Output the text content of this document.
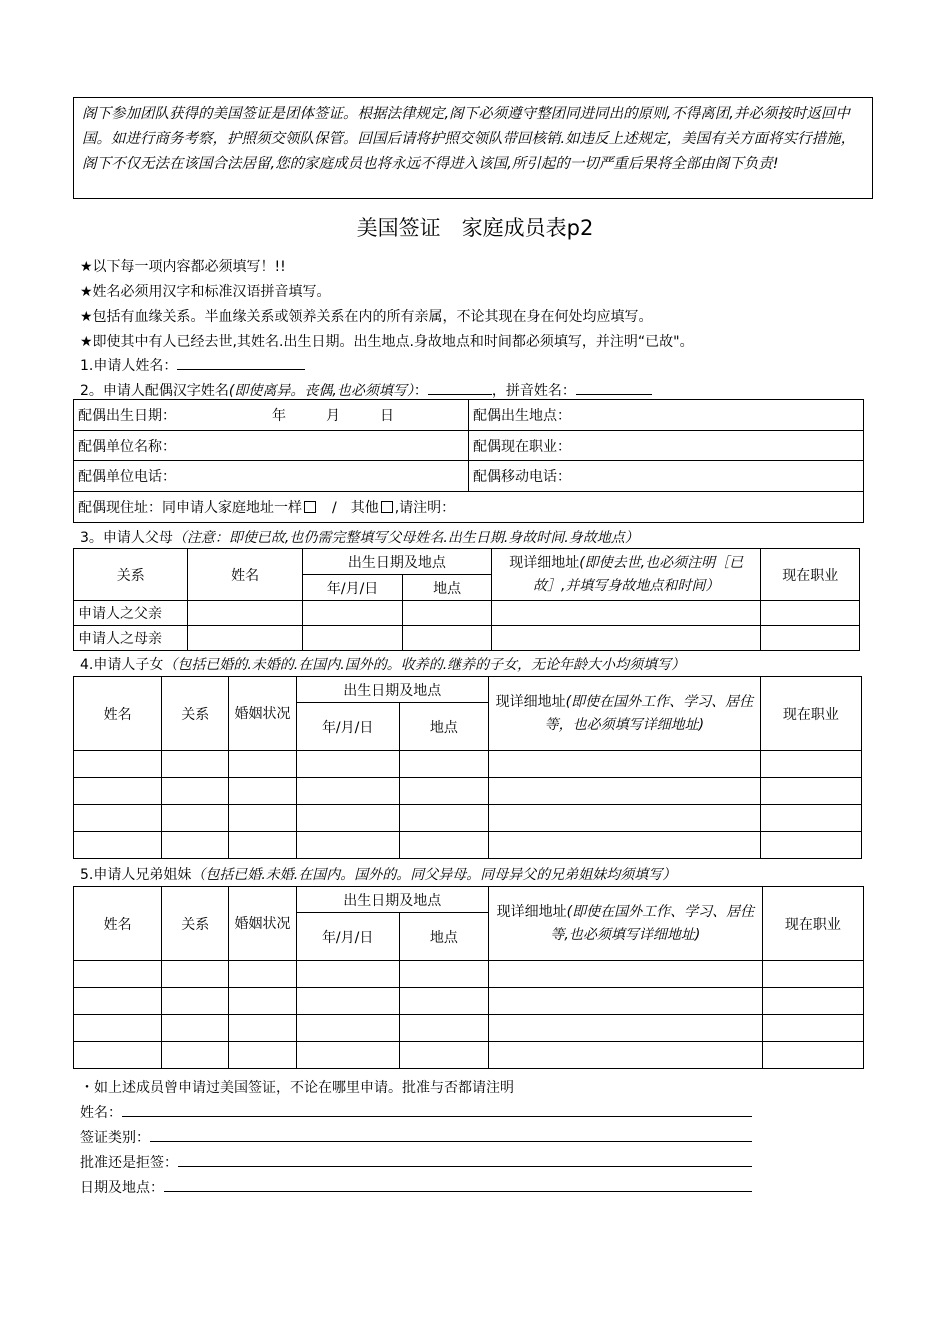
阁下参加团队获得的美国签证是团体签证。根据法律规定,阁下必须遵守整团同进同出的原则,不得离团,并必须按时返回中国。如进行商务考察，护照须交领队保管。回国后请将护照交领队带回核销.如违反上述规定，美国有关方面将实行措施，阁下不仅无法在该国合法居留,您的家庭成员也将永远不得进入该国,所引起的一切严重后果将全部由阁下负责!
美国签证　家庭成员表p2
★以下每一项内容都必须填写！!!
★姓名必须用汉字和标准汉语拼音填写。
★包括有血缘关系。半血缘关系或领养关系在内的所有亲属，不论其现在身在何处均应填写。
★即使其中有人已经去世,其姓名.出生日期。出生地点.身故地点和时间都必须填写，并注明“已故"。
1.申请人姓名：
2。申请人配偶汉字姓名(即使离异。丧偶,也必须填写）：	，拼音姓名：
配偶出生日期： 年 月 日	配偶出生地点：
配偶单位名称：	配偶现在职业：
配偶单位电话：	配偶移动电话：
配偶现住址：同申请人家庭地址一样 / 其他 ,请注明：	
3。申请人父母（注意：即使已故,也仍需完整填写父母姓名.出生日期.身故时间.身故地点）
关系	姓名	出生日期及地点		现详细地址(即使去世,也必须注明［已故］,并填写身故地点和时间）	现在职业
		年/月/日	地点		
申请人之父亲					
申请人之母亲					
4.申请人子女（包括已婚的.未婚的.在国内.国外的。收养的.继养的子女，无论年龄大小均须填写）
姓名	关系	婚姻状况	出生日期及地点		现详细地址(即使在国外工作、学习、居住等，也必须填写详细地址)	现在职业
			年/月/日	地点		

5.申请人兄弟姐妹（包括已婚.未婚.在国内。国外的。同父异母。同母异父的兄弟姐妹均须填写）
姓名	关系	婚姻状况	出生日期及地点		现详细地址(即使在国外工作、学习、居住等,也必须填写详细地址)	现在职业
			年/月/日	地点		

・如上述成员曾申请过美国签证，不论在哪里申请。批准与否都请注明
姓名：
签证类别：
批准还是拒签：
日期及地点：
